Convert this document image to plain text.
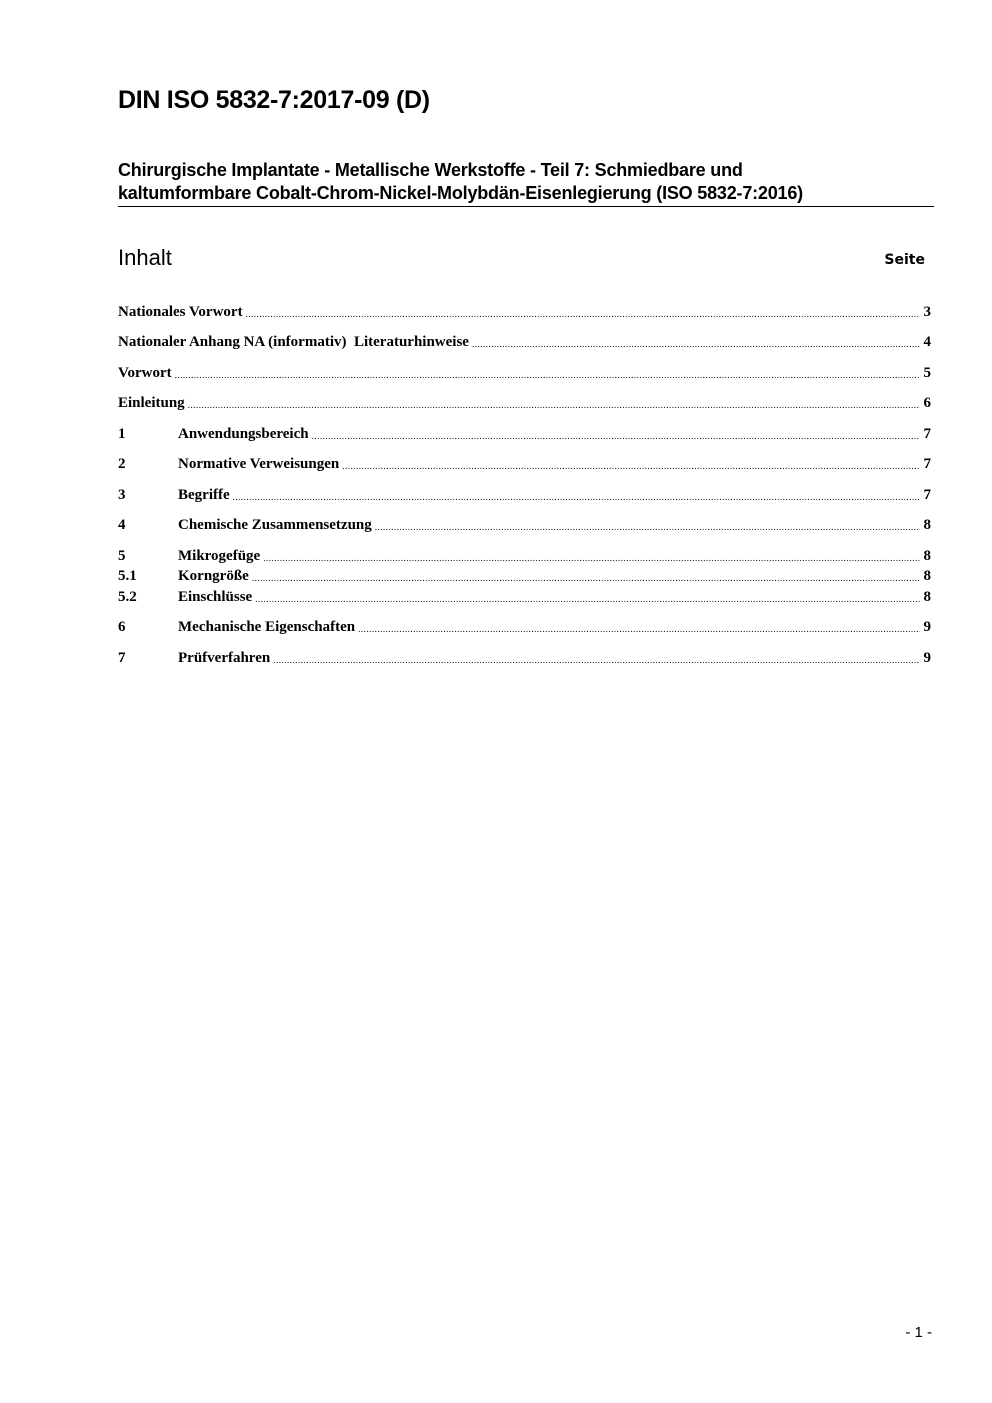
DIN ISO 5832-7:2017-09 (D)
Chirurgische Implantate - Metallische Werkstoffe - Teil 7: Schmiedbare und
kaltumformbare Cobalt-Chrom-Nickel-Molybdän-Eisenlegierung (ISO 5832-7:2016)
Inhalt	Seite
Nationales Vorwort .....	3
Nationaler Anhang NA (informativ)  Literaturhinweise .....	4
Vorwort .....	5
Einleitung .....	6
1	Anwendungsbereich .....	7
2	Normative Verweisungen .....	7
3	Begriffe .....	7
4	Chemische Zusammensetzung .....	8
5	Mikrogefüge .....	8
5.1	Korngröße .....	8
5.2	Einschlüsse .....	8
6	Mechanische Eigenschaften .....	9
7	Prüfverfahren .....	9
- 1 -
